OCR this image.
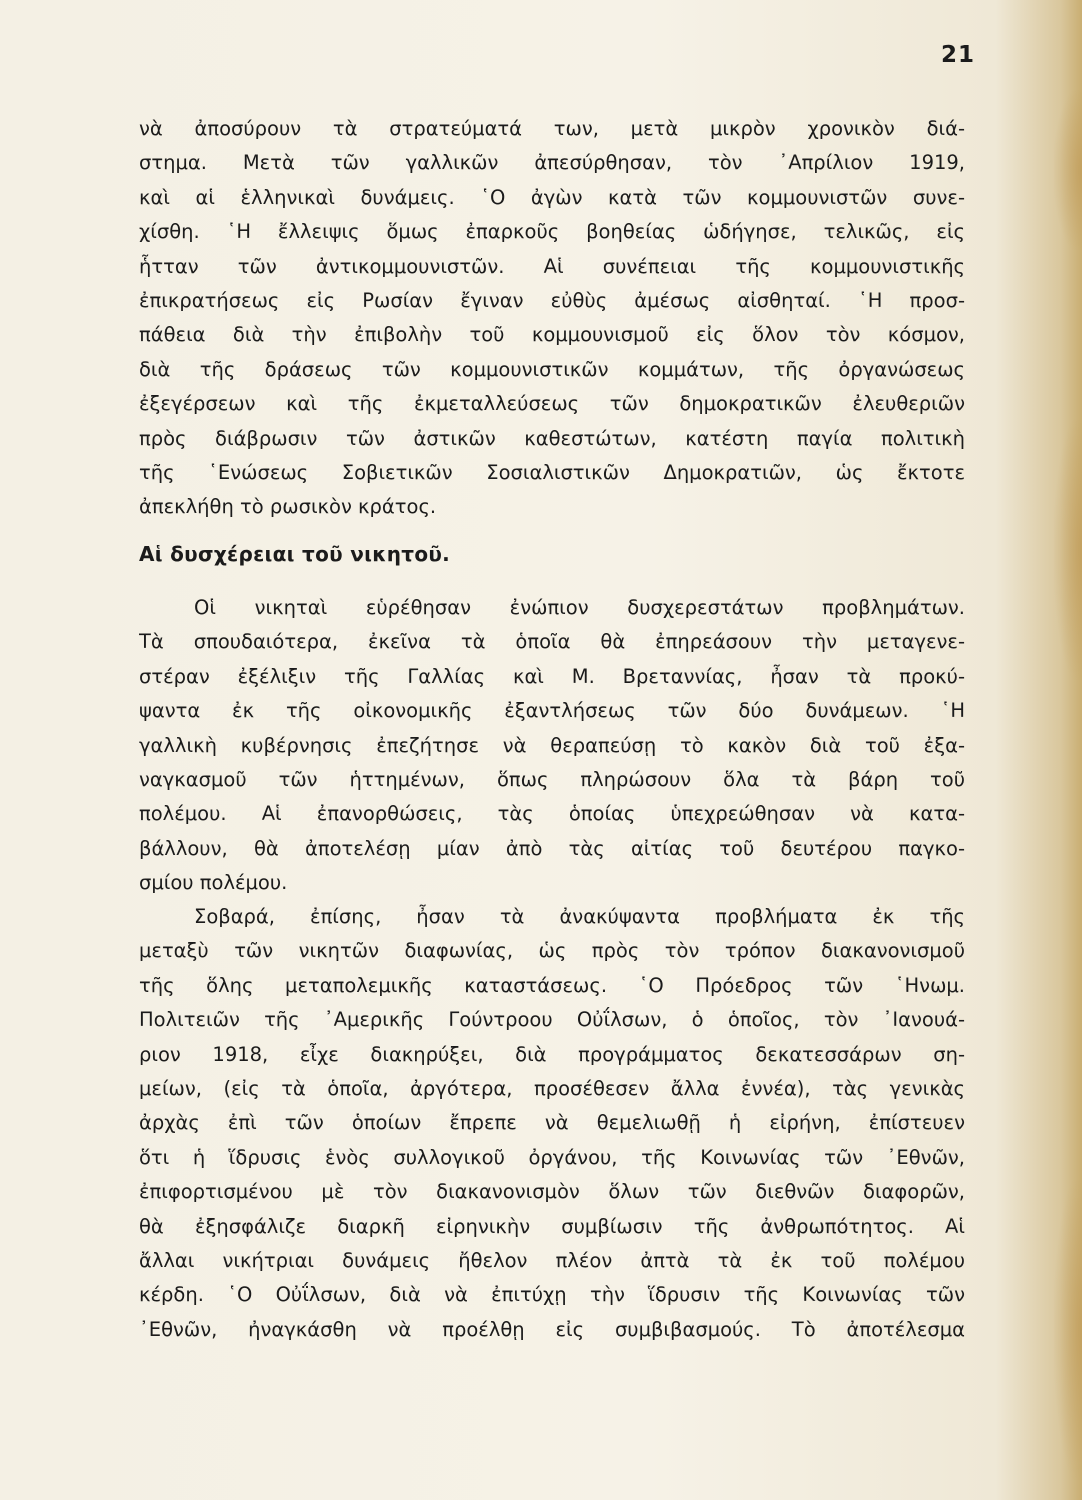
21
νὰ ἀποσύρουν τὰ στρατεύματά των, μετὰ μικρὸν χρονικὸν διά-
στημα. Μετὰ τῶν γαλλικῶν ἀπεσύρθησαν, τὸν ᾿Απρίλιον 1919,
καὶ αἱ ἑλληνικαὶ δυνάμεις. ῾Ο ἀγὼν κατὰ τῶν κομμουνιστῶν συνε-
χίσθη. ῾Η ἔλλειψις ὅμως ἐπαρκοῦς βοηθείας ὡδήγησε, τελικῶς, εἰς
ἧτταν τῶν ἀντικομμουνιστῶν. Αἱ συνέπειαι τῆς κομμουνιστικῆς
ἐπικρατήσεως εἰς Ρωσίαν ἔγιναν εὐθὺς ἀμέσως αἰσθηταί. ῾Η προσ-
πάθεια διὰ τὴν ἐπιβολὴν τοῦ κομμουνισμοῦ εἰς ὅλον τὸν κόσμον,
διὰ τῆς δράσεως τῶν κομμουνιστικῶν κομμάτων, τῆς ὀργανώσεως
ἐξεγέρσεων καὶ τῆς ἐκμεταλλεύσεως τῶν δημοκρατικῶν ἐλευθεριῶν
πρὸς διάβρωσιν τῶν ἀστικῶν καθεστώτων, κατέστη παγία πολιτικὴ
τῆς ῾Ενώσεως Σοβιετικῶν Σοσιαλιστικῶν Δημοκρατιῶν, ὡς ἔκτοτε
ἀπεκλήθη τὸ ρωσικὸν κράτος.
Αἱ δυσχέρειαι τοῦ νικητοῦ.
Οἱ νικηταὶ εὑρέθησαν ἐνώπιον δυσχερεστάτων προβλημάτων.
Τὰ σπουδαιότερα, ἐκεῖνα τὰ ὁποῖα θὰ ἐπηρεάσουν τὴν μεταγενε-
στέραν ἐξέλιξιν τῆς Γαλλίας καὶ Μ. Βρεταννίας, ἦσαν τὰ προκύ-
ψαντα ἐκ τῆς οἰκονομικῆς ἐξαντλήσεως τῶν δύο δυνάμεων. ῾Η
γαλλικὴ κυβέρνησις ἐπεζήτησε νὰ θεραπεύσῃ τὸ κακὸν διὰ τοῦ ἐξα-
ναγκασμοῦ τῶν ἡττημένων, ὅπως πληρώσουν ὅλα τὰ βάρη τοῦ
πολέμου. Αἱ ἐπανορθώσεις, τὰς ὁποίας ὑπεχρεώθησαν νὰ κατα-
βάλλουν, θὰ ἀποτελέσῃ μίαν ἀπὸ τὰς αἰτίας τοῦ δευτέρου παγκο-
σμίου πολέμου.
Σοβαρά, ἐπίσης, ἦσαν τὰ ἀνακύψαντα προβλήματα ἐκ τῆς
μεταξὺ τῶν νικητῶν διαφωνίας, ὡς πρὸς τὸν τρόπον διακανονισμοῦ
τῆς ὅλης μεταπολεμικῆς καταστάσεως. ῾Ο Πρόεδρος τῶν ῾Ηνωμ.
Πολιτειῶν τῆς ᾿Αμερικῆς Γούντροου Οὐΐλσων, ὁ ὁποῖος, τὸν ᾿Ιανουά-
ριον 1918, εἶχε διακηρύξει, διὰ προγράμματος δεκατεσσάρων ση-
μείων, (εἰς τὰ ὁποῖα, ἀργότερα, προσέθεσεν ἄλλα ἐννέα), τὰς γενικὰς
ἀρχὰς ἐπὶ τῶν ὁποίων ἔπρεπε νὰ θεμελιωθῇ ἡ εἰρήνη, ἐπίστευεν
ὅτι ἡ ἵδρυσις ἑνὸς συλλογικοῦ ὀργάνου, τῆς Κοινωνίας τῶν ᾿Εθνῶν,
ἐπιφορτισμένου μὲ τὸν διακανονισμὸν ὅλων τῶν διεθνῶν διαφορῶν,
θὰ ἐξησφάλιζε διαρκῆ εἰρηνικὴν συμβίωσιν τῆς ἀνθρωπότητος. Αἱ
ἄλλαι νικήτριαι δυνάμεις ἤθελον πλέον ἀπτὰ τὰ ἐκ τοῦ πολέμου
κέρδη. ῾Ο Οὐΐλσων, διὰ νὰ ἐπιτύχῃ τὴν ἵδρυσιν τῆς Κοινωνίας τῶν
᾿Εθνῶν, ἠναγκάσθη νὰ προέλθῃ εἰς συμβιβασμούς. Τὸ ἀποτέλεσμα
